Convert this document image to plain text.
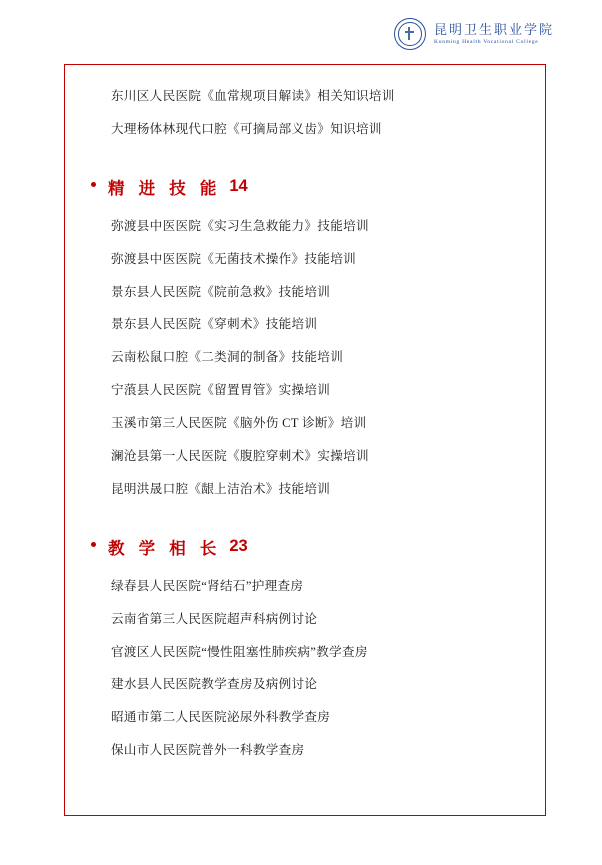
昆明卫生职业学院
Kunming Health Vocational College
东川区人民医院《血常规项目解读》相关知识培训
大理杨体林现代口腔《可摘局部义齿》知识培训
精 进 技 能 14
弥渡县中医医院《实习生急救能力》技能培训
弥渡县中医医院《无菌技术操作》技能培训
景东县人民医院《院前急救》技能培训
景东县人民医院《穿刺术》技能培训
云南松鼠口腔《二类洞的制备》技能培训
宁蒗县人民医院《留置胃管》实操培训
玉溪市第三人民医院《脑外伤 CT 诊断》培训
澜沧县第一人民医院《腹腔穿刺术》实操培训
昆明洪晟口腔《龈上洁治术》技能培训
教 学 相 长 23
绿春县人民医院“肾结石”护理查房
云南省第三人民医院超声科病例讨论
官渡区人民医院“慢性阻塞性肺疾病”教学查房
建水县人民医院教学查房及病例讨论
昭通市第二人民医院泌尿外科教学查房
保山市人民医院普外一科教学查房
